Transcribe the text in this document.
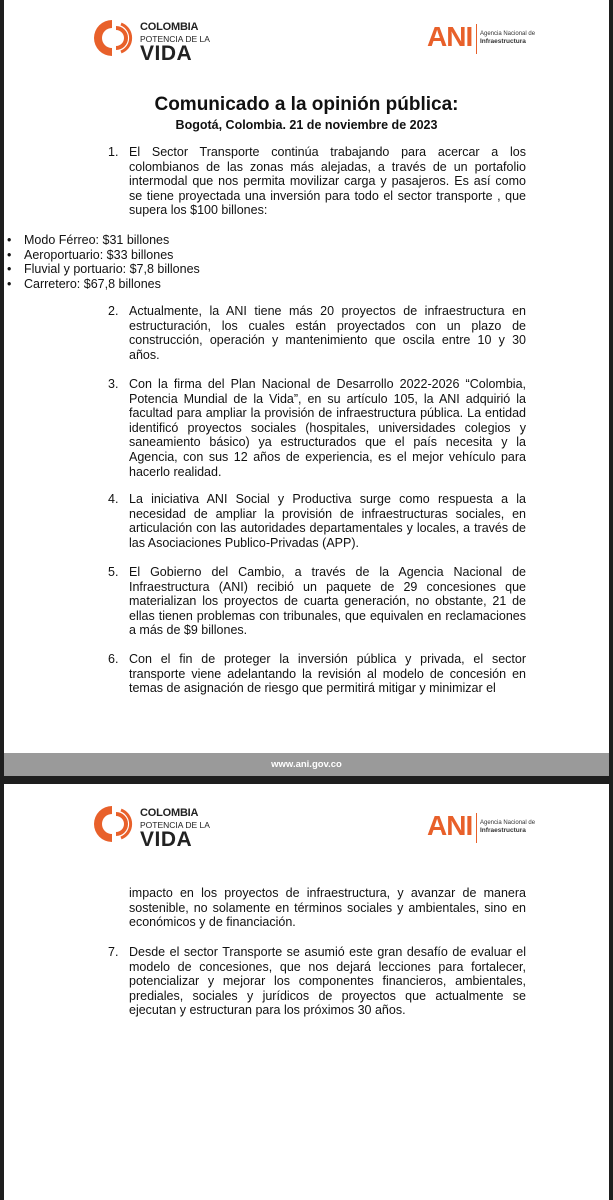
COLOMBIA
POTENCIA DE LA
VIDA
ANI Agencia Nacional de
Infraestructura
Comunicado a la opinión pública:
Bogotá, Colombia. 21 de noviembre de 2023
1. El Sector Transporte continúa trabajando para acercar a los colombianos de las zonas más alejadas, a través de un portafolio intermodal que nos permita movilizar carga y pasajeros. Es así como se tiene proyectada una inversión para todo el sector transporte , que supera los $100 billones:
• Modo Férreo: $31 billones
• Aeroportuario: $33 billones
• Fluvial y portuario: $7,8 billones
• Carretero: $67,8 billones
2. Actualmente, la ANI tiene más 20 proyectos de infraestructura en estructuración, los cuales están proyectados con un plazo de construcción, operación y mantenimiento que oscila entre 10 y 30 años.
3. Con la firma del Plan Nacional de Desarrollo 2022-2026 “Colombia, Potencia Mundial de la Vida”, en su artículo 105, la ANI adquirió la facultad para ampliar la provisión de infraestructura pública. La entidad identificó proyectos sociales (hospitales, universidades colegios y saneamiento básico) ya estructurados que el país necesita y la Agencia, con sus 12 años de experiencia, es el mejor vehículo para hacerlo realidad.
4. La iniciativa ANI Social y Productiva surge como respuesta a la necesidad de ampliar la provisión de infraestructuras sociales, en articulación con las autoridades departamentales y locales, a través de las Asociaciones Publico-Privadas (APP).
5. El Gobierno del Cambio, a través de la Agencia Nacional de Infraestructura (ANI) recibió un paquete de 29 concesiones que materializan los proyectos de cuarta generación, no obstante, 21 de ellas tienen problemas con tribunales, que equivalen en reclamaciones a más de $9 billones.
6. Con el fin de proteger la inversión pública y privada, el sector transporte viene adelantando la revisión al modelo de concesión en temas de asignación de riesgo que permitirá mitigar y minimizar el
www.ani.gov.co
COLOMBIA
POTENCIA DE LA
VIDA	ANI Agencia Nacional de
Infraestructura
impacto en los proyectos de infraestructura, y avanzar de manera sostenible, no solamente en términos sociales y ambientales, sino en económicos y de financiación.
7. Desde el sector Transporte se asumió este gran desafío de evaluar el modelo de concesiones, que nos dejará lecciones para fortalecer, potencializar y mejorar los componentes financieros, ambientales, prediales, sociales y jurídicos de proyectos que actualmente se ejecutan y estructuran para los próximos 30 años.
